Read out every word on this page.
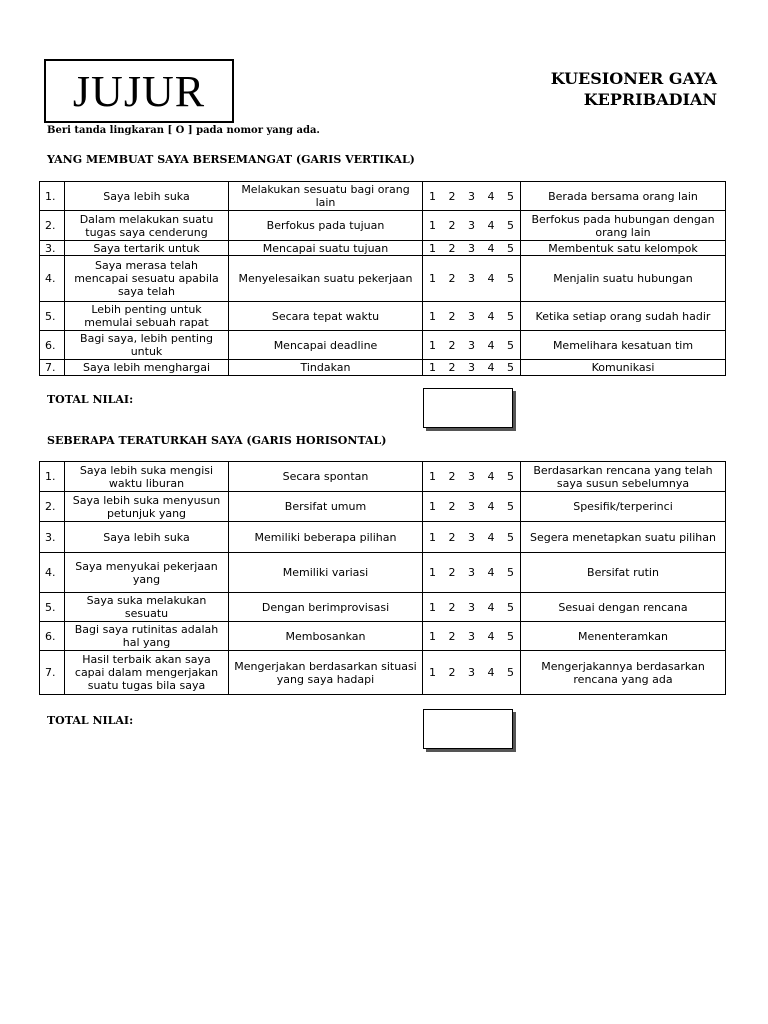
JUJUR	KUESIONER GAYA
KEPRIBADIAN
Beri tanda lingkaran [ O ] pada nomor yang ada.
YANG MEMBUAT SAYA BERSEMANGAT (GARIS VERTIKAL)
1.	Saya lebih suka	Melakukan sesuatu bagi orang lain	1 2 3 4 5	Berada bersama orang lain
2.	Dalam melakukan suatu tugas saya cenderung	Berfokus pada tujuan	1 2 3 4 5	Berfokus pada hubungan dengan orang lain
3.	Saya tertarik untuk	Mencapai suatu tujuan	1 2 3 4 5	Membentuk satu kelompok
4.	Saya merasa telah mencapai sesuatu apabila saya telah	Menyelesaikan suatu pekerjaan	1 2 3 4 5	Menjalin suatu hubungan
5.	Lebih penting untuk memulai sebuah rapat	Secara tepat waktu	1 2 3 4 5	Ketika setiap orang sudah hadir
6.	Bagi saya, lebih penting untuk	Mencapai deadline	1 2 3 4 5	Memelihara kesatuan tim
7.	Saya lebih menghargai	Tindakan	1 2 3 4 5	Komunikasi
TOTAL NILAI:
SEBERAPA TERATURKAH SAYA (GARIS HORISONTAL)
1.	Saya lebih suka mengisi waktu liburan	Secara spontan	1 2 3 4 5	Berdasarkan rencana yang telah saya susun sebelumnya
2.	Saya lebih suka menyusun petunjuk yang	Bersifat umum	1 2 3 4 5	Spesifik/terperinci
3.	Saya lebih suka	Memiliki beberapa pilihan	1 2 3 4 5	Segera menetapkan suatu pilihan
4.	Saya menyukai pekerjaan yang	Memiliki variasi	1 2 3 4 5	Bersifat rutin
5.	Saya suka melakukan sesuatu	Dengan berimprovisasi	1 2 3 4 5	Sesuai dengan rencana
6.	Bagi saya rutinitas adalah hal yang	Membosankan	1 2 3 4 5	Menenteramkan
7.	Hasil terbaik akan saya capai dalam mengerjakan suatu tugas bila saya	Mengerjakan berdasarkan situasi yang saya hadapi	1 2 3 4 5	Mengerjakannya berdasarkan rencana yang ada
TOTAL NILAI:
